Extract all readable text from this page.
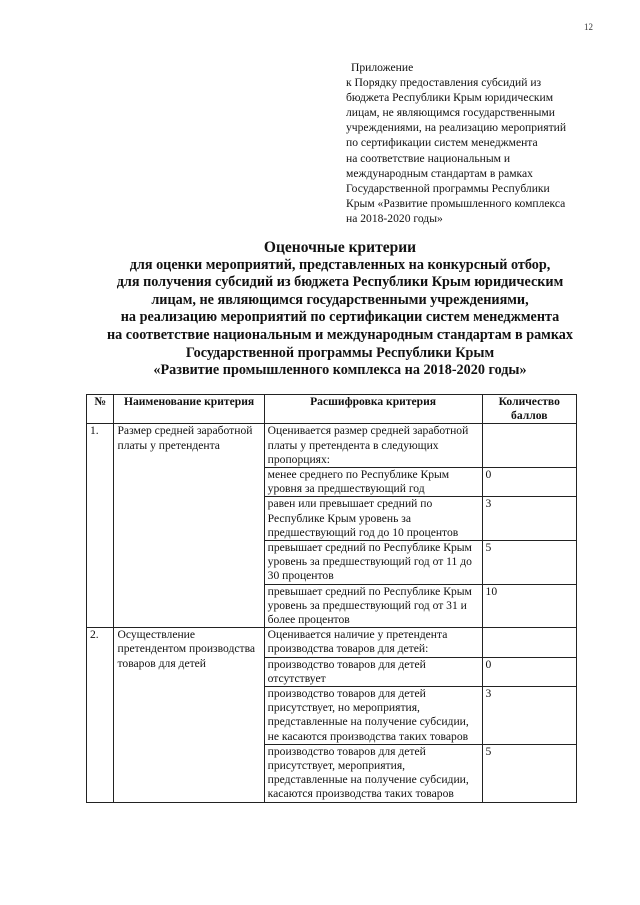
12
Приложение
к Порядку предоставления субсидий из
бюджета Республики Крым юридическим
лицам, не являющимся государственными
учреждениями, на реализацию мероприятий
по сертификации систем менеджмента
на соответствие национальным и
международным стандартам в рамках
Государственной программы Республики
Крым «Развитие промышленного комплекса
на 2018-2020 годы»
Оценочные критерии
для оценки мероприятий, представленных на конкурсный отбор,
для получения субсидий из бюджета Республики Крым юридическим
лицам, не являющимся государственными учреждениями,
на реализацию мероприятий по сертификации систем менеджмента
на соответствие национальным и международным стандартам в рамках
Государственной программы Республики Крым
«Развитие промышленного комплекса на 2018-2020 годы»
№	Наименование критерия	Расшифровка критерия	Количество баллов
1.	Размер средней заработной платы у претендента	Оценивается размер средней заработной платы у претендента в следующих пропорциях:	
		менее среднего по Республике Крым уровня за предшествующий год	0
		равен или превышает средний по Республике Крым уровень за предшествующий год до 10 процентов	3
		превышает средний по Республике Крым уровень за предшествующий год от 11 до 30 процентов	5
		превышает средний по Республике Крым уровень за предшествующий год от 31 и более процентов	10
2.	Осуществление претендентом производства товаров для детей	Оценивается наличие у претендента производства товаров для детей:	
		производство товаров для детей отсутствует	0
		производство товаров для детей присутствует, но мероприятия, представленные на получение субсидии, не касаются производства таких товаров	3
		производство товаров для детей присутствует, мероприятия, представленные на получение субсидии, касаются производства таких товаров	5
